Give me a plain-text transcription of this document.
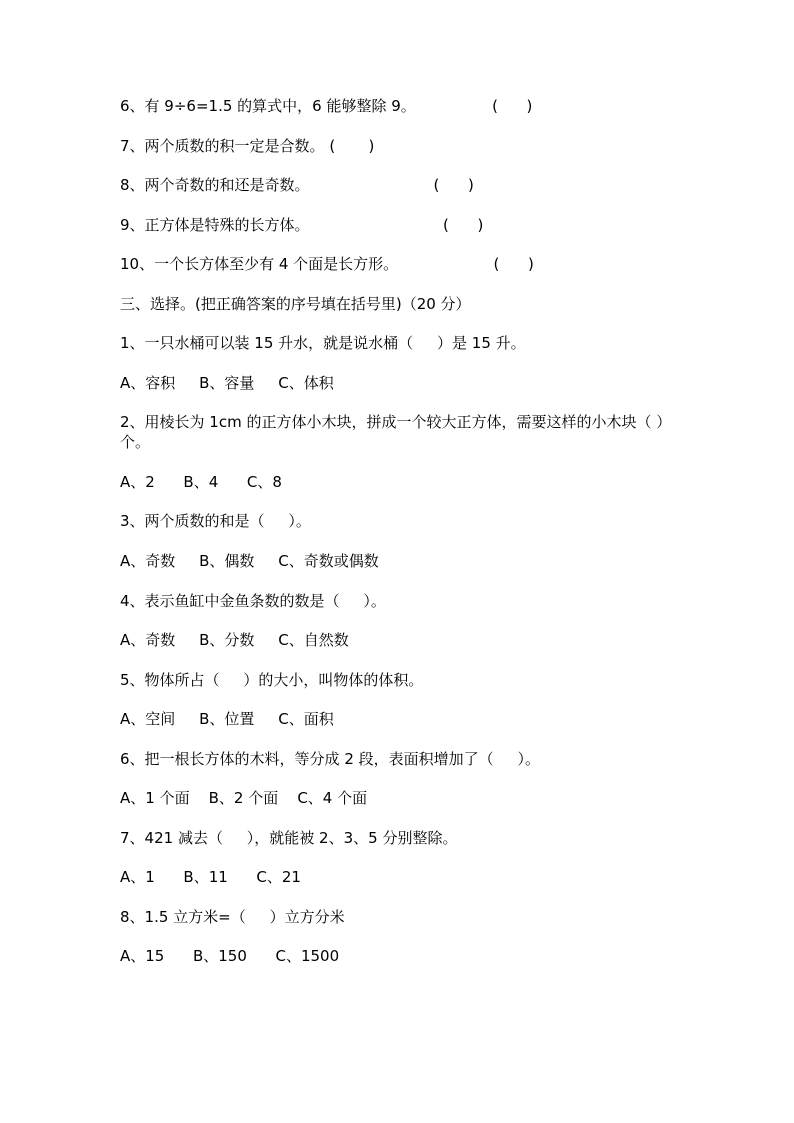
6、有 9÷6=1.5 的算式中，6 能够整除 9。                (      )
7、两个质数的积一定是合数。 (       )
8、两个奇数的和还是奇数。                          (      )
9、正方体是特殊的长方体。                            (      )
10、一个长方体至少有 4 个面是长方形。                    (      )
三、选择。(把正确答案的序号填在括号里)（20 分）
1、一只水桶可以装 15 升水，就是说水桶（     ）是 15 升。
A、容积     B、容量     C、体积
2、用棱长为 1cm 的正方体小木块，拼成一个较大正方体，需要这样的小木块（ ）个。
A、2      B、4      C、8
3、两个质数的和是（     ）。
A、奇数     B、偶数     C、奇数或偶数
4、表示鱼缸中金鱼条数的数是（     ）。
A、奇数     B、分数     C、自然数
5、物体所占（     ）的大小，叫物体的体积。
A、空间     B、位置     C、面积
6、把一根长方体的木料，等分成 2 段，表面积增加了（     ）。
A、1 个面    B、2 个面    C、4 个面
7、421 减去（     ），就能被 2、3、5 分别整除。
A、1      B、11      C、21
8、1.5 立方米=（     ）立方分米
A、15      B、150      C、1500
